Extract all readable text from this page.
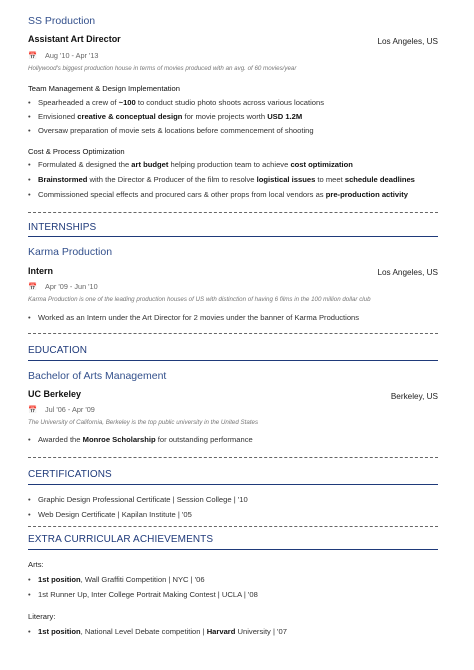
SS Production
Assistant Art Director	Los Angeles, US
📅 Aug '10 - Apr '13
Hollywood's biggest production house in terms of movies produced with an avg. of 60 movies/year
Team Management & Design Implementation
• Spearheaded a crew of ~100 to conduct studio photo shoots across various locations
• Envisioned creative & conceptual design for movie projects worth USD 1.2M
• Oversaw preparation of movie sets & locations before commencement of shooting
Cost & Process Optimization
• Formulated & designed the art budget helping production team to achieve cost optimization
• Brainstormed with the Director & Producer of the film to resolve logistical issues to meet schedule deadlines
• Commissioned special effects and procured cars & other props from local vendors as pre-production activity
INTERNSHIPS
Karma Production
Intern	Los Angeles, US
📅 Apr '09 - Jun '10
Karma Production is one of the leading production houses of US with distinction of having 6 films in the 100 million dollar club
• Worked as an Intern under the Art Director for 2 movies under the banner of Karma Productions
EDUCATION
Bachelor of Arts Management
UC Berkeley	Berkeley, US
📅 Jul '06 - Apr '09
The University of California, Berkeley is the top public university in the United States
• Awarded the Monroe Scholarship for outstanding performance
CERTIFICATIONS
• Graphic Design Professional Certificate | Session College | '10
• Web Design Certificate | Kapilan Institute | '05
EXTRA CURRICULAR ACHIEVEMENTS
Arts:
• 1st position, Wall Graffiti Competition | NYC | '06
• 1st Runner Up, Inter College Portrait Making Contest | UCLA | '08
Literary:
• 1st position, National Level Debate competition | Harvard University | '07
